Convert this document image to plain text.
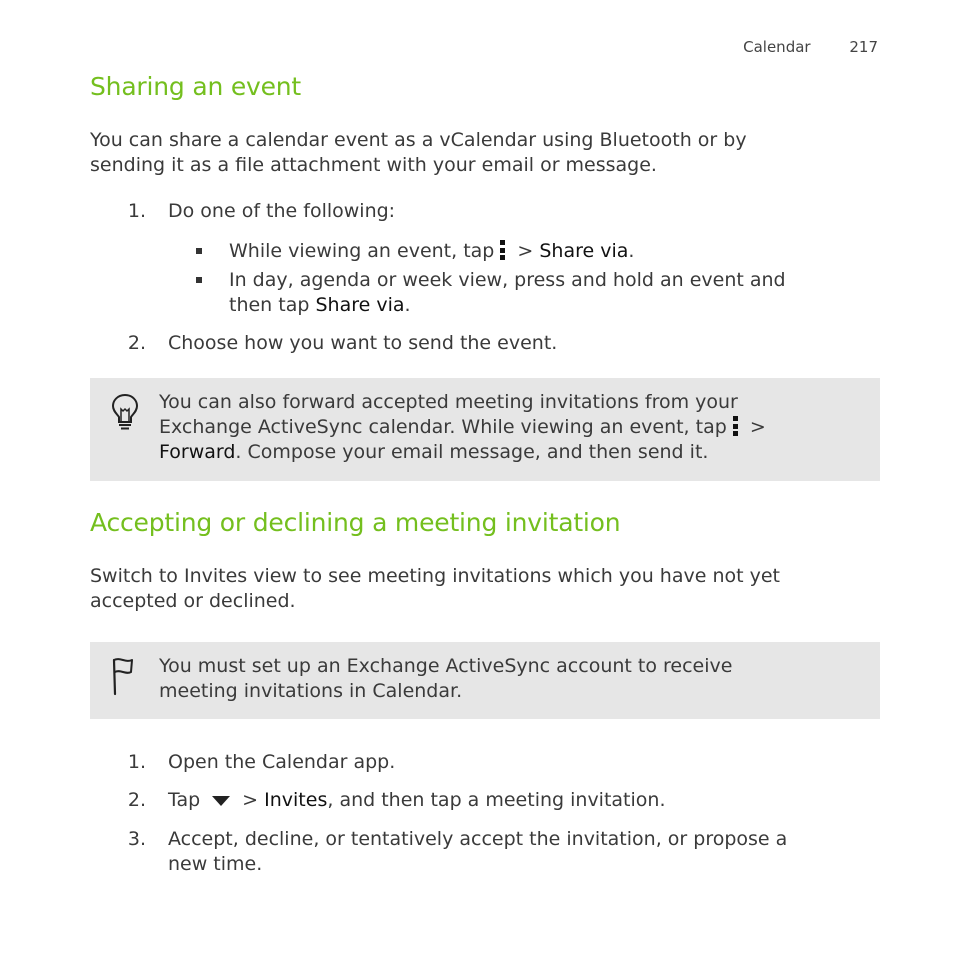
Calendar	217
Sharing an event
You can share a calendar event as a vCalendar using Bluetooth or by
sending it as a file attachment with your email or message.
1. Do one of the following:
While viewing an event, tap
> Share via.
In day, agenda or week view, press and hold an event and
then tap Share via.
2. Choose how you want to send the event.
You can also forward accepted meeting invitations from your
Exchange ActiveSync calendar. While viewing an event, tap
>
Forward. Compose your email message, and then send it.
Accepting or declining a meeting invitation
Switch to Invites view to see meeting invitations which you have not yet
accepted or declined.
You must set up an Exchange ActiveSync account to receive
meeting invitations in Calendar.
1. Open the Calendar app.
2. Tap > Invites, and then tap a meeting invitation.
3. Accept, decline, or tentatively accept the invitation, or propose a
new time.
